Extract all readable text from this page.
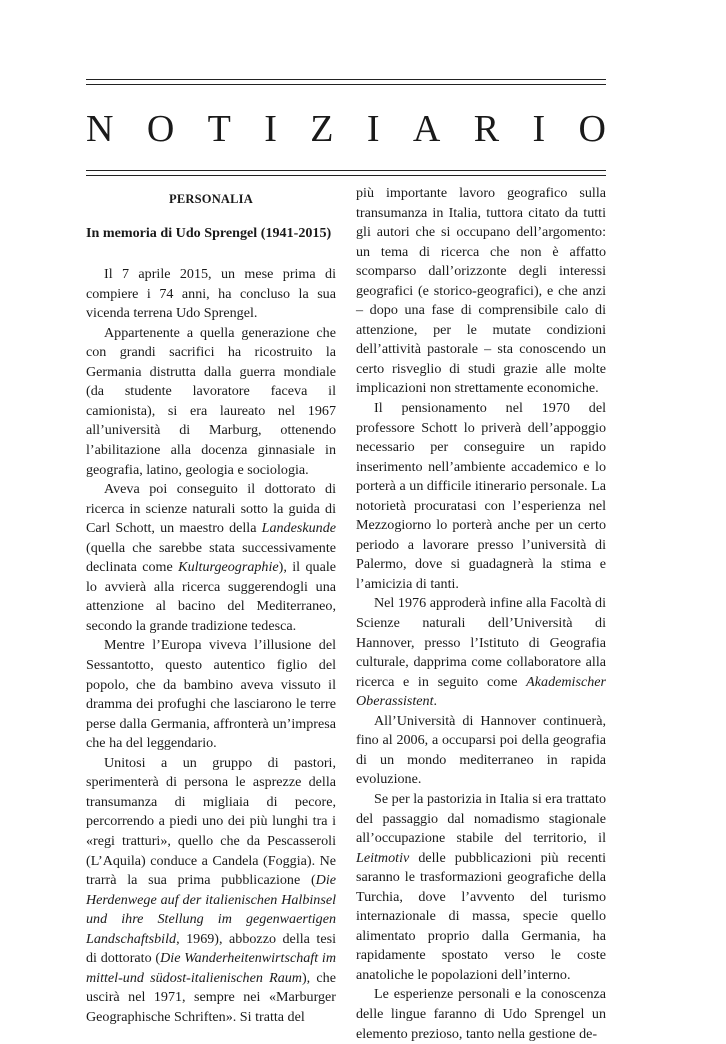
N O T I Z I A R I O

PERSONALIA

In memoria di Udo Sprengel (1941-2015)

Il 7 aprile 2015, un mese prima di compiere i 74 anni, ha concluso la sua vicenda terrena Udo Sprengel.

Appartenente a quella generazione che con grandi sacrifici ha ricostruito la Germania distrutta dalla guerra mondiale (da studente lavoratore faceva il camionista), si era laureato nel 1967 all’università di Marburg, ottenendo l’abilitazione alla docenza ginnasiale in geografia, latino, geologia e sociologia.

Aveva poi conseguito il dottorato di ricerca in scienze naturali sotto la guida di Carl Schott, un maestro della Landeskunde (quella che sarebbe stata successivamente declinata come Kulturgeographie), il quale lo avvierà alla ricerca suggerendogli una attenzione al bacino del Mediterraneo, secondo la grande tradizione tedesca.

Mentre l’Europa viveva l’illusione del Sessantotto, questo autentico figlio del popolo, che da bambino aveva vissuto il dramma dei profughi che lasciarono le terre perse dalla Germania, affronterà un’impresa che ha del leggendario.

Unitosi a un gruppo di pastori, sperimenterà di persona le asprezze della transumanza di migliaia di pecore, percorrendo a piedi uno dei più lunghi tra i «regi tratturi», quello che da Pescasseroli (L’Aquila) conduce a Candela (Foggia). Ne trarrà la sua prima pubblicazione (Die Herdenwege auf der italienischen Halbinsel und ihre Stellung im gegenwaertigen Landschaftsbild, 1969), abbozzo della tesi di dottorato (Die Wanderheitenwirtschaft im mittel-und südost-italienischen Raum), che uscirà nel 1971, sempre nei «Marburger Geographische Schriften». Si tratta del

più importante lavoro geografico sulla transumanza in Italia, tuttora citato da tutti gli autori che si occupano dell’argomento: un tema di ricerca che non è affatto scomparso dall’orizzonte degli interessi geografici (e storico-geografici), e che anzi – dopo una fase di comprensibile calo di attenzione, per le mutate condizioni dell’attività pastorale – sta conoscendo un certo risveglio di studi grazie alle molte implicazioni non strettamente economiche.

Il pensionamento nel 1970 del professore Schott lo priverà dell’appoggio necessario per conseguire un rapido inserimento nell’ambiente accademico e lo porterà a un difficile itinerario personale. La notorietà procuratasi con l’esperienza nel Mezzogiorno lo porterà anche per un certo periodo a lavorare presso l’università di Palermo, dove si guadagnerà la stima e l’amicizia di tanti.

Nel 1976 approderà infine alla Facoltà di Scienze naturali dell’Università di Hannover, presso l’Istituto di Geografia culturale, dapprima come collaboratore alla ricerca e in seguito come Akademischer Oberassistent.

All’Università di Hannover continuerà, fino al 2006, a occuparsi poi della geografia di un mondo mediterraneo in rapida evoluzione.

Se per la pastorizia in Italia si era trattato del passaggio dal nomadismo stagionale all’occupazione stabile del territorio, il Leitmotiv delle pubblicazioni più recenti saranno le trasformazioni geografiche della Turchia, dove l’avvento del turismo internazionale di massa, specie quello alimentato proprio dalla Germania, ha rapidamente spostato verso le coste anatoliche le popolazioni dell’interno.

Le esperienze personali e la conoscenza delle lingue faranno di Udo Sprengel un elemento prezioso, tanto nella gestione de-
